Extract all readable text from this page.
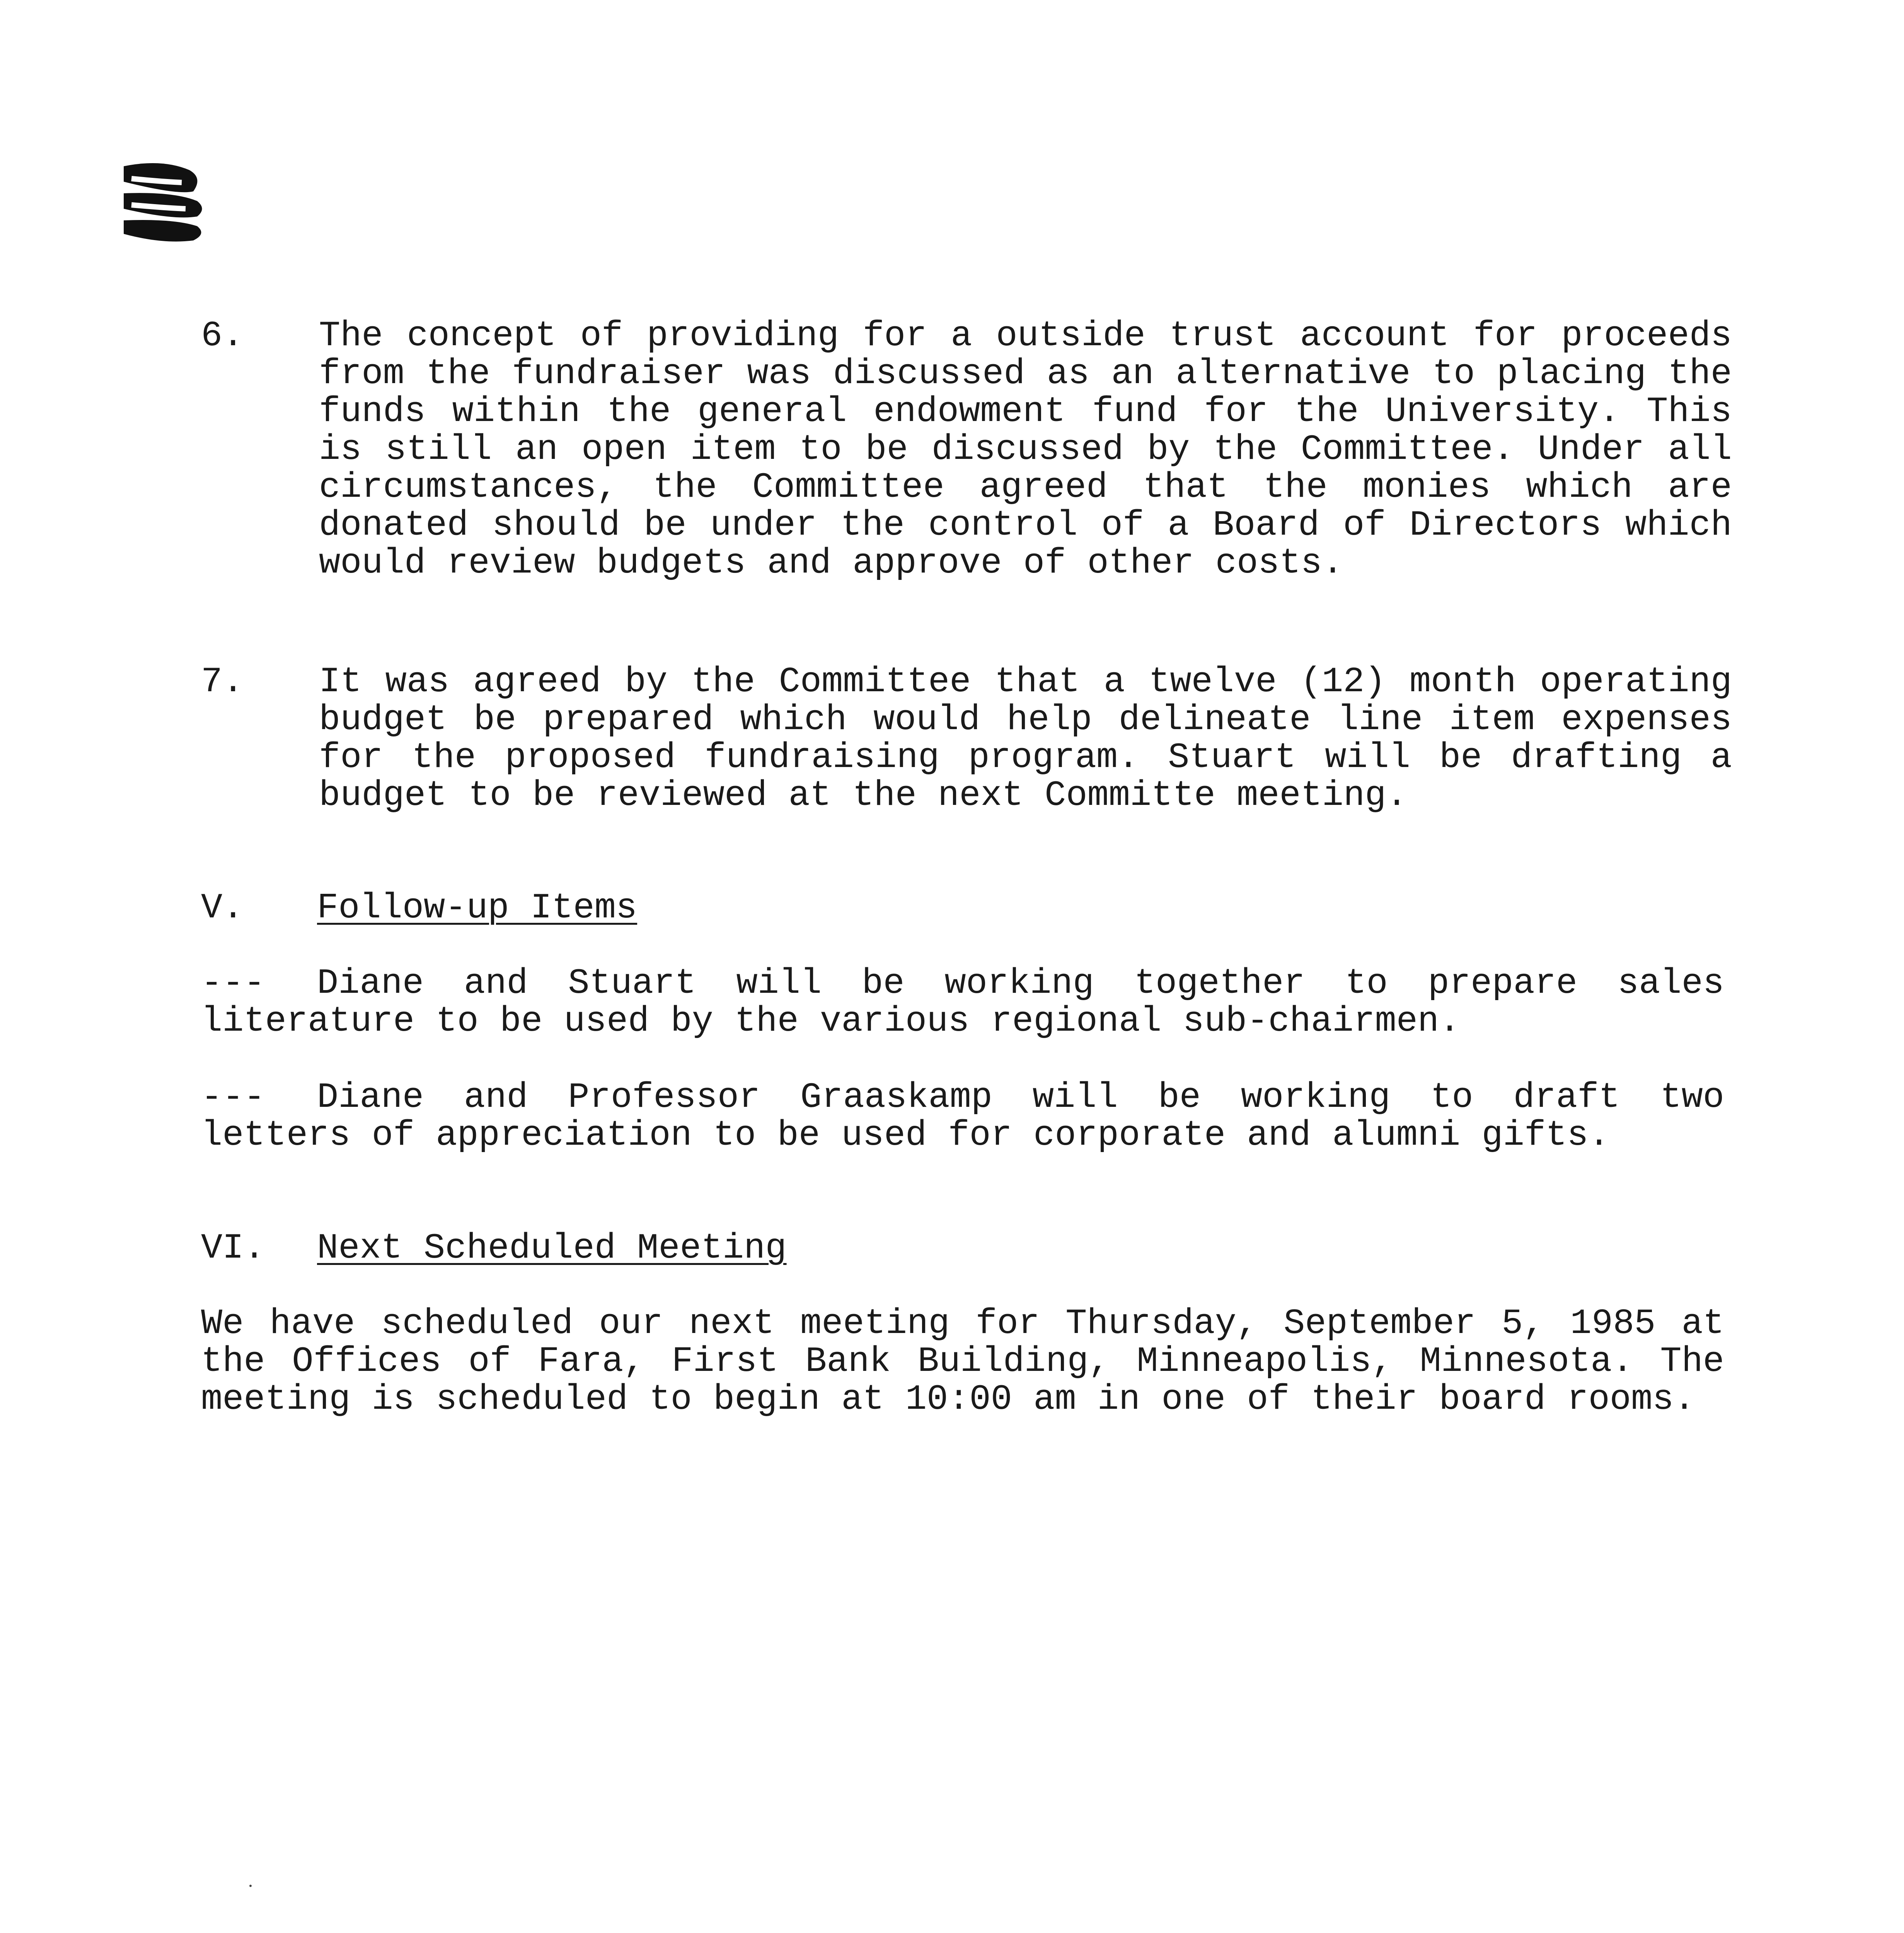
6.	The concept of providing for a outside trust account for proceeds from the fundraiser was discussed as an alternative to placing the funds within the general endowment fund for the University. This is still an open item to be discussed by the Committee. Under all circumstances, the Committee agreed that the monies which are donated should be under the control of a Board of Directors which would review budgets and approve of other costs.
7.	It was agreed by the Committee that a twelve (12) month operating budget be prepared which would help delineate line item expenses for the proposed fundraising program. Stuart will be drafting a budget to be reviewed at the next Committe meeting.
V. Follow-up Items
--- Diane and Stuart will be working together to prepare sales literature to be used by the various regional sub-chairmen.
--- Diane and Professor Graaskamp will be working to draft two letters of appreciation to be used for corporate and alumni gifts.
VI. Next Scheduled Meeting
We have scheduled our next meeting for Thursday, September 5, 1985 at the Offices of Fara, First Bank Building, Minneapolis, Minnesota. The meeting is scheduled to begin at 10:00 am in one of their board rooms.
